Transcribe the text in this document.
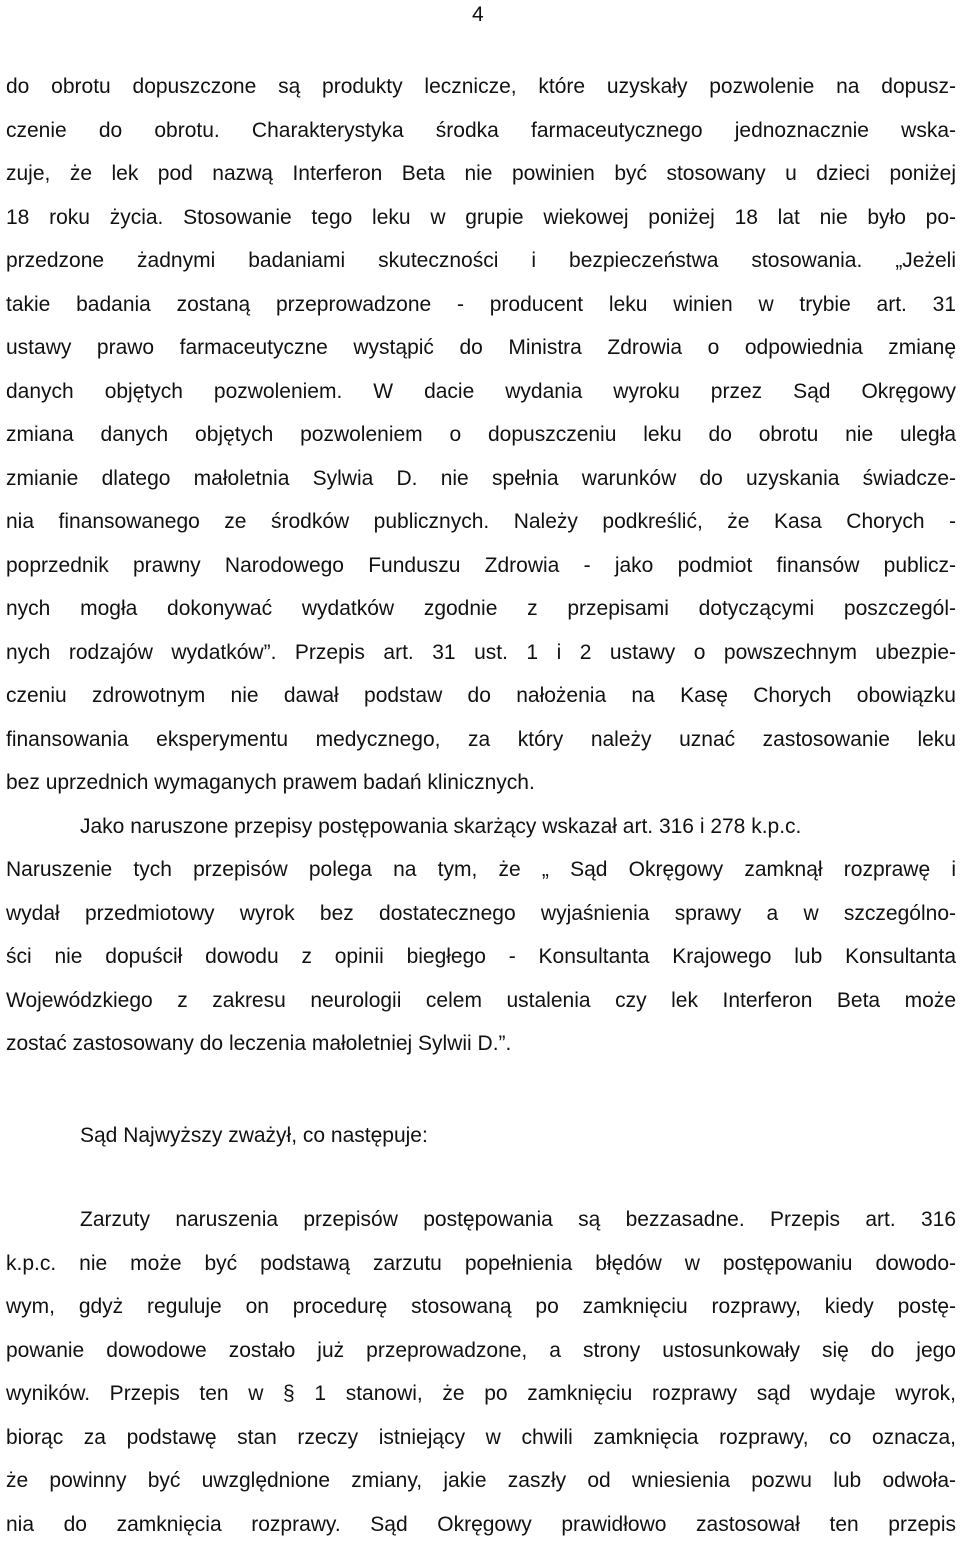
4
do obrotu dopuszczone są produkty lecznicze, które uzyskały pozwolenie na dopusz-
czenie do obrotu. Charakterystyka środka farmaceutycznego jednoznacznie wska-
zuje, że lek pod nazwą Interferon Beta nie powinien być stosowany u dzieci poniżej
18 roku życia. Stosowanie tego leku w grupie wiekowej poniżej 18 lat nie było po-
przedzone żadnymi badaniami skuteczności i bezpieczeństwa stosowania. „Jeżeli
takie badania zostaną przeprowadzone - producent leku winien w trybie art. 31
ustawy prawo farmaceutyczne wystąpić do Ministra Zdrowia o odpowiednia zmianę
danych objętych pozwoleniem. W dacie wydania wyroku przez Sąd Okręgowy
zmiana danych objętych pozwoleniem o dopuszczeniu leku do obrotu nie uległa
zmianie dlatego małoletnia Sylwia D. nie spełnia warunków do uzyskania świadcze-
nia finansowanego ze środków publicznych. Należy podkreślić, że Kasa Chorych -
poprzednik prawny Narodowego Funduszu Zdrowia - jako podmiot finansów publicz-
nych mogła dokonywać wydatków zgodnie z przepisami dotyczącymi poszczegól-
nych rodzajów wydatków”. Przepis art. 31 ust. 1 i 2 ustawy o powszechnym ubezpie-
czeniu zdrowotnym nie dawał podstaw do nałożenia na Kasę Chorych obowiązku
finansowania eksperymentu medycznego, za który należy uznać zastosowanie leku
bez uprzednich wymaganych prawem badań klinicznych.
Jako naruszone przepisy postępowania skarżący wskazał art. 316 i 278 k.p.c.
Naruszenie tych przepisów polega na tym, że „ Sąd Okręgowy zamknął rozprawę i
wydał przedmiotowy wyrok bez dostatecznego wyjaśnienia sprawy a w szczególno-
ści nie dopuścił dowodu z opinii biegłego - Konsultanta Krajowego lub Konsultanta
Wojewódzkiego z zakresu neurologii celem ustalenia czy lek Interferon Beta może
zostać zastosowany do leczenia małoletniej Sylwii D.”.
Sąd Najwyższy zważył, co następuje:
Zarzuty naruszenia przepisów postępowania są bezzasadne. Przepis art. 316
k.p.c. nie może być podstawą zarzutu popełnienia błędów w postępowaniu dowodo-
wym, gdyż reguluje on procedurę stosowaną po zamknięciu rozprawy, kiedy postę-
powanie dowodowe zostało już przeprowadzone, a strony ustosunkowały się do jego
wyników. Przepis ten w § 1 stanowi, że po zamknięciu rozprawy sąd wydaje wyrok,
biorąc za podstawę stan rzeczy istniejący w chwili zamknięcia rozprawy, co oznacza,
że powinny być uwzględnione zmiany, jakie zaszły od wniesienia pozwu lub odwoła-
nia do zamknięcia rozprawy. Sąd Okręgowy prawidłowo zastosował ten przepis
